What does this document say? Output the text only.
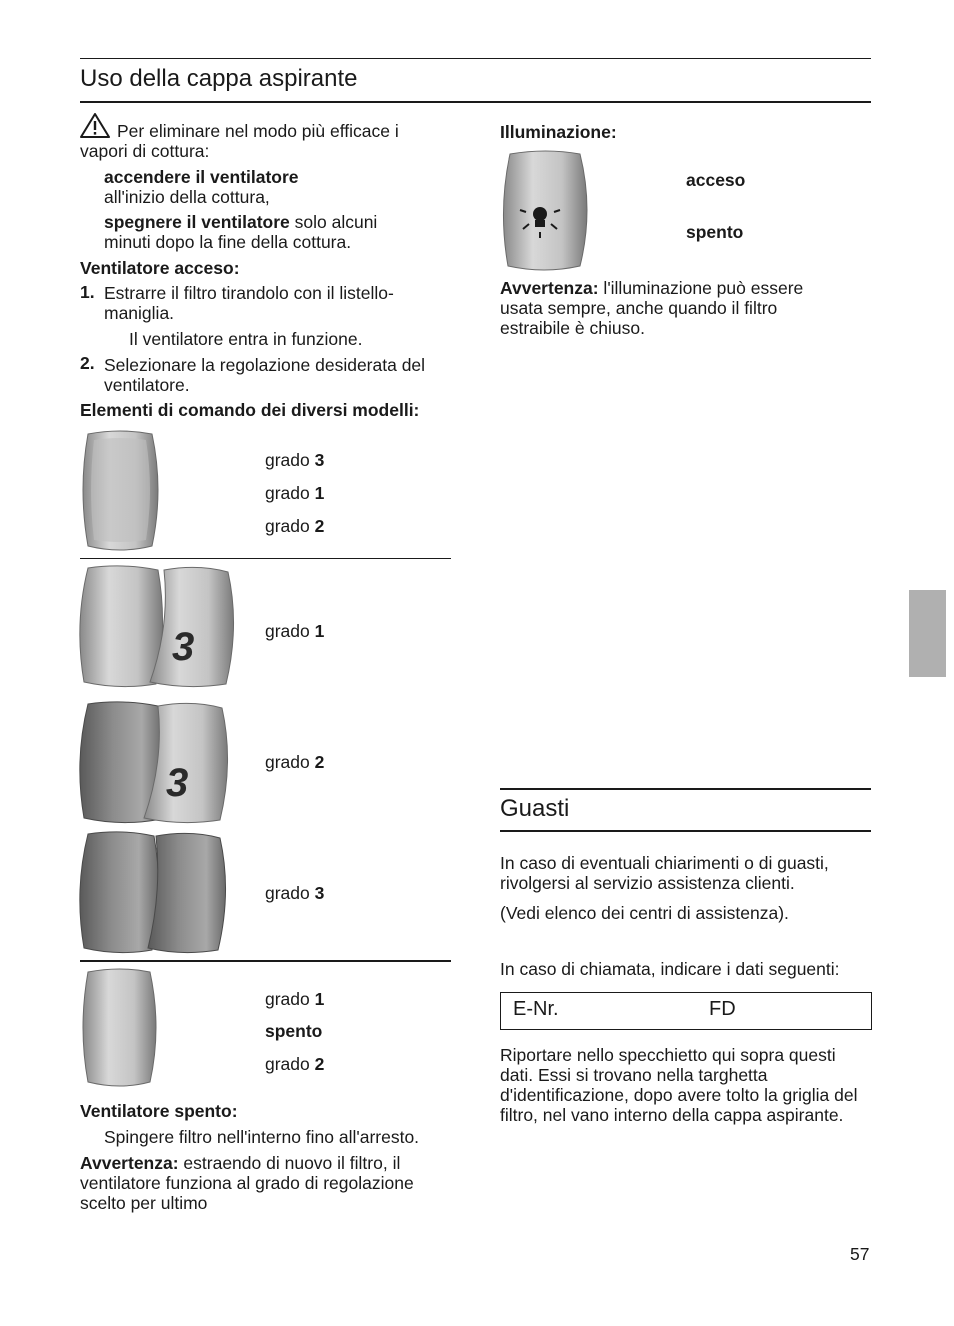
Uso della cappa aspirante
Per eliminare nel modo più efficace i vapori di cottura:
accendere il ventilatore
all'inizio della cottura,
spegnere il ventilatore solo alcuni minuti dopo la fine della cottura.
Ventilatore acceso:
1. Estrarre il filtro tirandolo con il listello-maniglia.
Il ventilatore entra in funzione.
2. Selezionare la regolazione desiderata del ventilatore.
Elementi di comando dei diversi modelli:
grado 3
grado 1
grado 2
3	grado 1
3	grado 2
grado 3
grado 1
spento
grado 2
Ventilatore spento:
Spingere filtro nell'interno fino all'arresto.
Avvertenza: estraendo di nuovo il filtro, il ventilatore funziona al grado di regolazione scelto per ultimo
Illuminazione:
acceso
spento
Avvertenza: l'illuminazione può essere usata sempre, anche quando il filtro estraibile è chiuso.
Guasti
In caso di eventuali chiarimenti o di guasti, rivolgersi al servizio assistenza clienti.
(Vedi elenco dei centri di assistenza).
In caso di chiamata, indicare i dati seguenti:
E-Nr.	FD
Riportare nello specchietto qui sopra questi dati. Essi si trovano nella targhetta d'identificazione, dopo avere tolto la griglia del filtro, nel vano interno della cappa aspirante.
57
